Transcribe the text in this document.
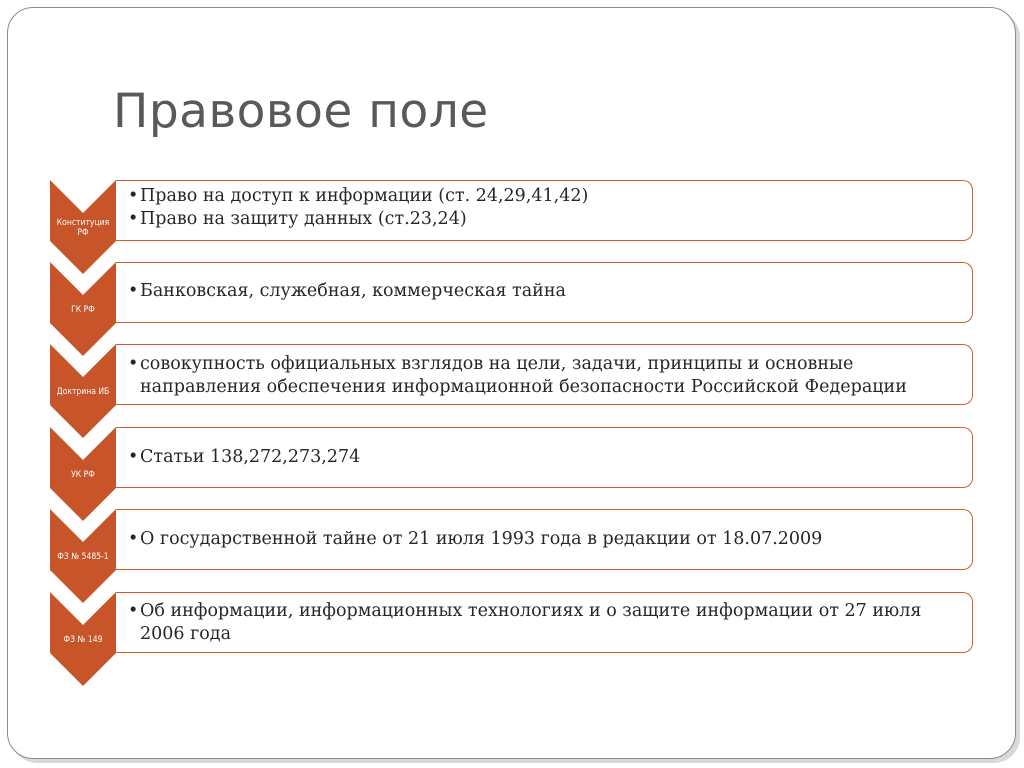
Правовое поле
Конституция РФ
• Право на доступ к информации (ст. 24,29,41,42)
• Право на защиту данных (ст.23,24)
ГК РФ
• Банковская, служебная, коммерческая тайна
Доктрина ИБ
• совокупность официальных взглядов на цели, задачи, принципы и основные направления обеспечения информационной безопасности Российской Федерации
УК РФ
• Статьи 138,272,273,274
ФЗ № 5485-1
• О государственной тайне от 21 июля 1993 года в редакции от 18.07.2009
ФЗ № 149
• Об информации, информационных технологиях и о защите информации от 27 июля 2006 года
